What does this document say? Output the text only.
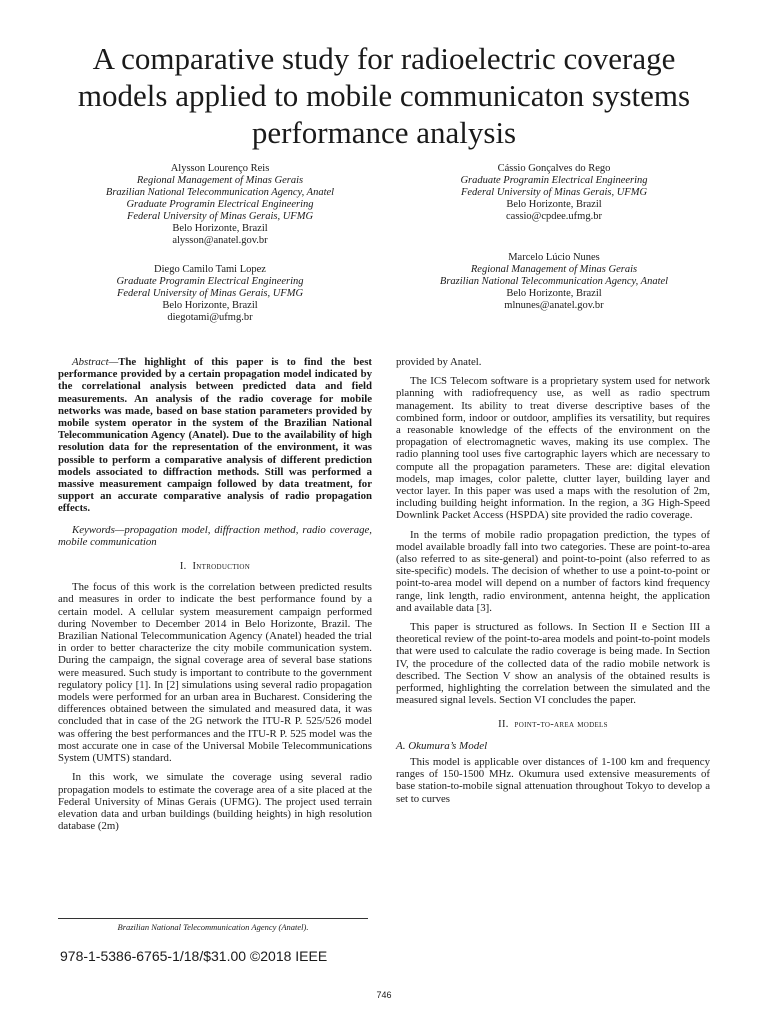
A comparative study for radioelectric coverage models applied to mobile communicaton systems performance analysis
Alysson Lourenço Reis
Regional Management of Minas Gerais
Brazilian National Telecommunication Agency, Anatel
Graduate Programin Electrical Engineering
Federal University of Minas Gerais, UFMG
Belo Horizonte, Brazil
alysson@anatel.gov.br
Cássio Gonçalves do Rego
Graduate Programin Electrical Engineering
Federal University of Minas Gerais, UFMG
Belo Horizonte, Brazil
cassio@cpdee.ufmg.br
Diego Camilo Tami Lopez
Graduate Programin Electrical Engineering
Federal University of Minas Gerais, UFMG
Belo Horizonte, Brazil
diegotami@ufmg.br
Marcelo Lúcio Nunes
Regional Management of Minas Gerais
Brazilian National Telecommunication Agency, Anatel
Belo Horizonte, Brazil
mlnunes@anatel.gov.br

Abstract—The highlight of this paper is to find the best performance provided by a certain propagation model indicated by the correlational analysis between predicted data and field measurements. An analysis of the radio coverage for mobile networks was made, based on base station parameters provided by mobile system operator in the system of the Brazilian National Telecommunication Agency (Anatel). Due to the availability of high resolution data for the representation of the environment, it was possible to perform a comparative analysis of different prediction models associated to diffraction methods. Still was performed a massive measurement campaign followed by data treatment, for support an accurate comparative analysis of radio propagation effects.

Keywords—propagation model, diffraction method, radio coverage, mobile communication

I. Introduction

The focus of this work is the correlation between predicted results and measures in order to indicate the best performance found by a certain model. A cellular system measurement campaign performed during November to December 2014 in Belo Horizonte, Brazil. The Brazilian National Telecommunication Agency (Anatel) headed the trial in order to better characterize the city mobile communication system. During the campaign, the signal coverage area of several base stations were measured. Such study is important to contribute to the government regulatory policy [1]. In [2] simulations using several radio propagation models were performed for an urban area in Bucharest. Considering the differences obtained between the simulated and measured data, it was concluded that in case of the 2G network the ITU-R P. 525/526 model was offering the best performances and the ITU-R P. 525 model was the most accurate one in case of the Universal Mobile Telecommunications System (UMTS) standard.

In this work, we simulate the coverage using several radio propagation models to estimate the coverage area of a site placed at the Federal University of Minas Gerais (UFMG). The project used terrain elevation data and urban buildings (building heights) in high resolution database (2m)

provided by Anatel.

The ICS Telecom software is a proprietary system used for network planning with radiofrequency use, as well as radio spectrum management. Its ability to treat diverse descriptive bases of the combined form, indoor or outdoor, amplifies its versatility, but requires a reasonable knowledge of the effects of the environment on the propagation of electromagnetic waves, making its use complex. The radio planning tool uses five cartographic layers which are necessary to compute all the propagation parameters. These are: digital elevation models, map images, color palette, clutter layer, building layer and vector layer. In this paper was used a maps with the resolution of 2m, including building height information. In the region, a 3G High-Speed Downlink Packet Access (HSPDA) site provided the radio coverage.

In the terms of mobile radio propagation prediction, the types of model available broadly fall into two categories. These are point-to-area (also referred to as site-general) and point-to-point (also referred to as site-specific) models. The decision of whether to use a point-to-point or point-to-area model will depend on a number of factors kind frequency range, link length, radio environment, antenna height, the application and available data [3].

This paper is structured as follows. In Section II e Section III a theoretical review of the point-to-area models and point-to-point models that were used to calculate the radio coverage is being made. In Section IV, the procedure of the collected data of the radio mobile network is described. The Section V show an analysis of the obtained results is performed, highlighting the correlation between the simulated and the measured signal levels. Section VI concludes the paper.

II. point-to-area models
A. Okumura’s Model

This model is applicable over distances of 1-100 km and frequency ranges of 150-1500 MHz. Okumura used extensive measurements of base station-to-mobile signal attenuation throughout Tokyo to develop a set to curves

Brazilian National Telecommunication Agency (Anatel).
978-1-5386-6765-1/18/$31.00 ©2018 IEEE
746
